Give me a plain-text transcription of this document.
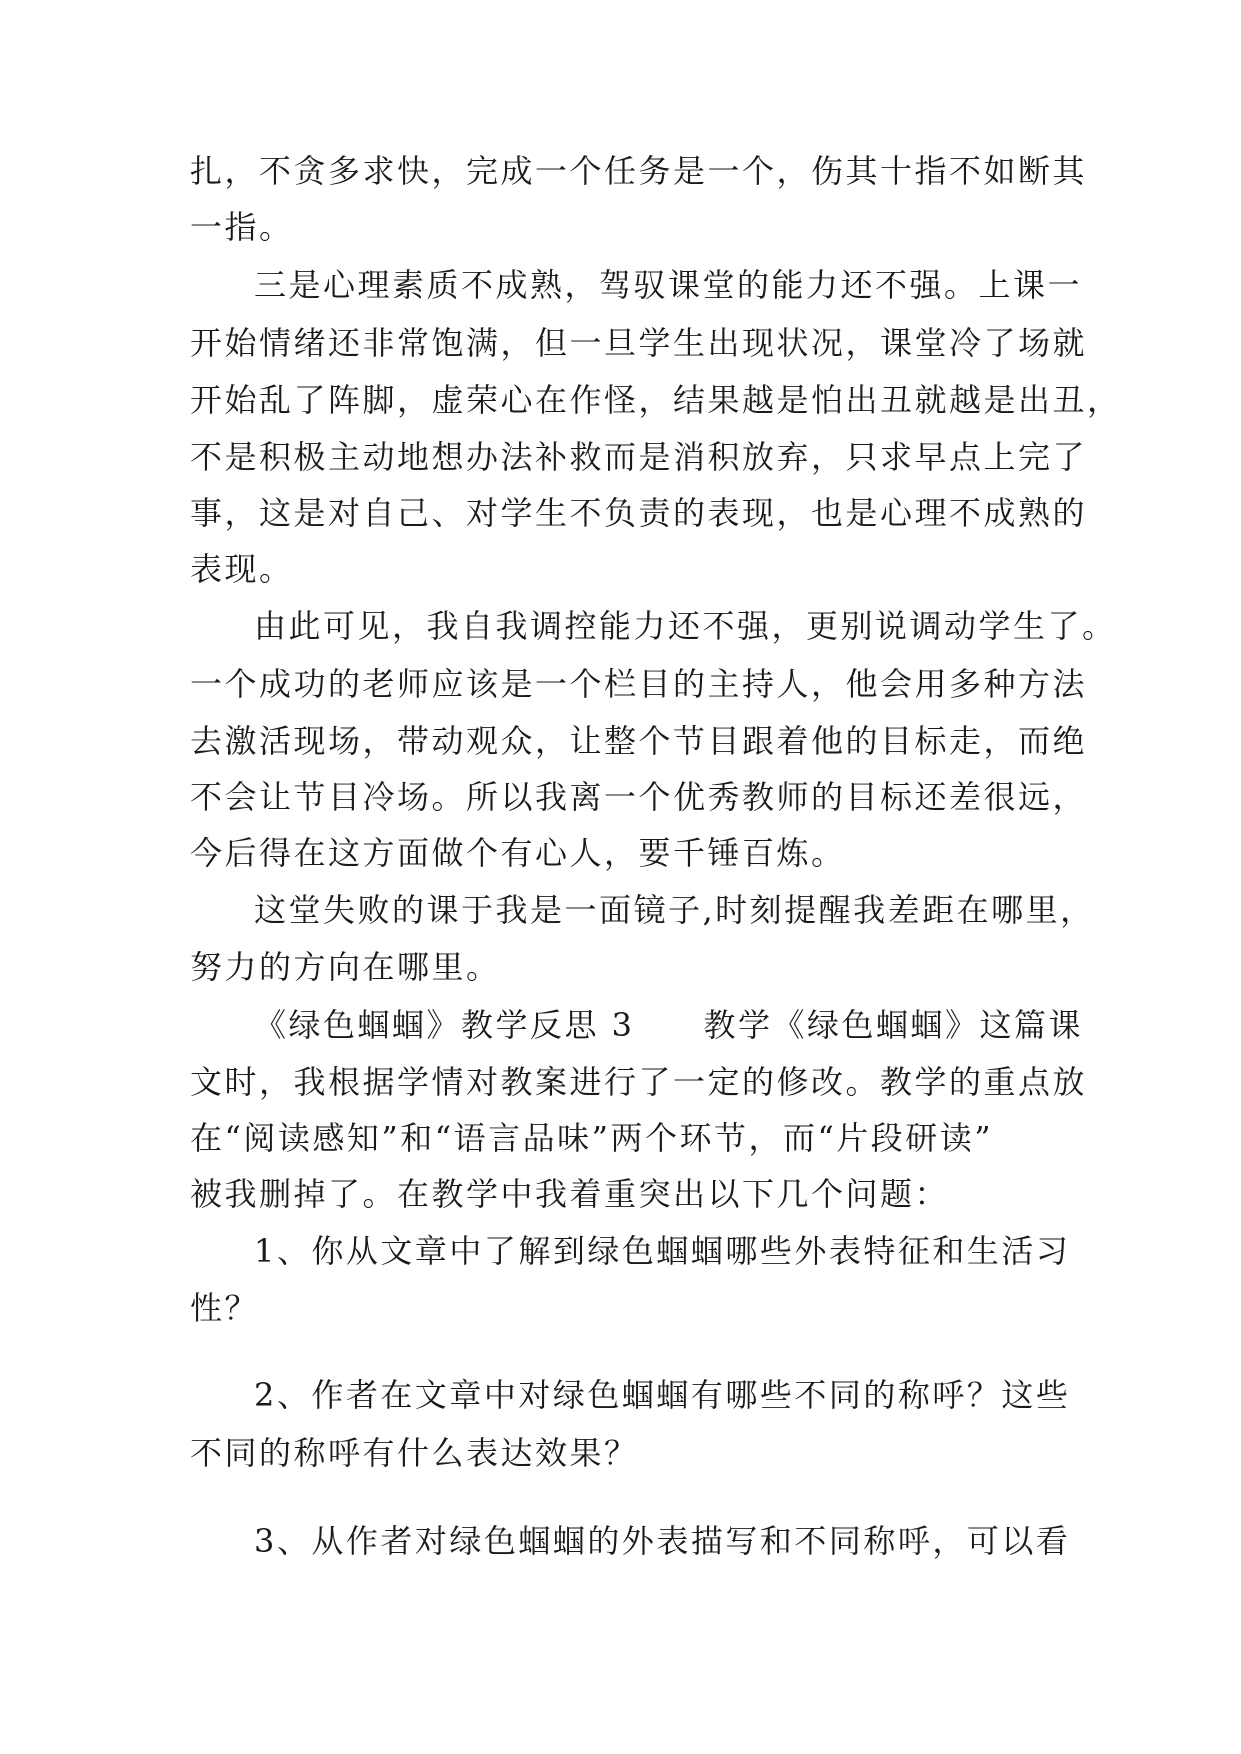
扎，不贪多求快，完成一个任务是一个，伤其十指不如断其
一指。
三是心理素质不成熟，驾驭课堂的能力还不强。上课一
开始情绪还非常饱满，但一旦学生出现状况，课堂冷了场就
开始乱了阵脚，虚荣心在作怪，结果越是怕出丑就越是出丑，
不是积极主动地想办法补救而是消积放弃，只求早点上完了
事，这是对自己、对学生不负责的表现，也是心理不成熟的
表现。
由此可见，我自我调控能力还不强，更别说调动学生了。
一个成功的老师应该是一个栏目的主持人，他会用多种方法
去激活现场，带动观众，让整个节目跟着他的目标走，而绝
不会让节目冷场。所以我离一个优秀教师的目标还差很远，
今后得在这方面做个有心人，要千锤百炼。
这堂失败的课于我是一面镜子,时刻提醒我差距在哪里，
努力的方向在哪里。
《绿色蝈蝈》教学反思 3　　教学《绿色蝈蝈》这篇课
文时，我根据学情对教案进行了一定的修改。教学的重点放
在“阅读感知”和“语言品味”两个环节，而“片段研读”
被我删掉了。在教学中我着重突出以下几个问题：
1、你从文章中了解到绿色蝈蝈哪些外表特征和生活习
性？
2、作者在文章中对绿色蝈蝈有哪些不同的称呼？这些
不同的称呼有什么表达效果？
3、从作者对绿色蝈蝈的外表描写和不同称呼，可以看
